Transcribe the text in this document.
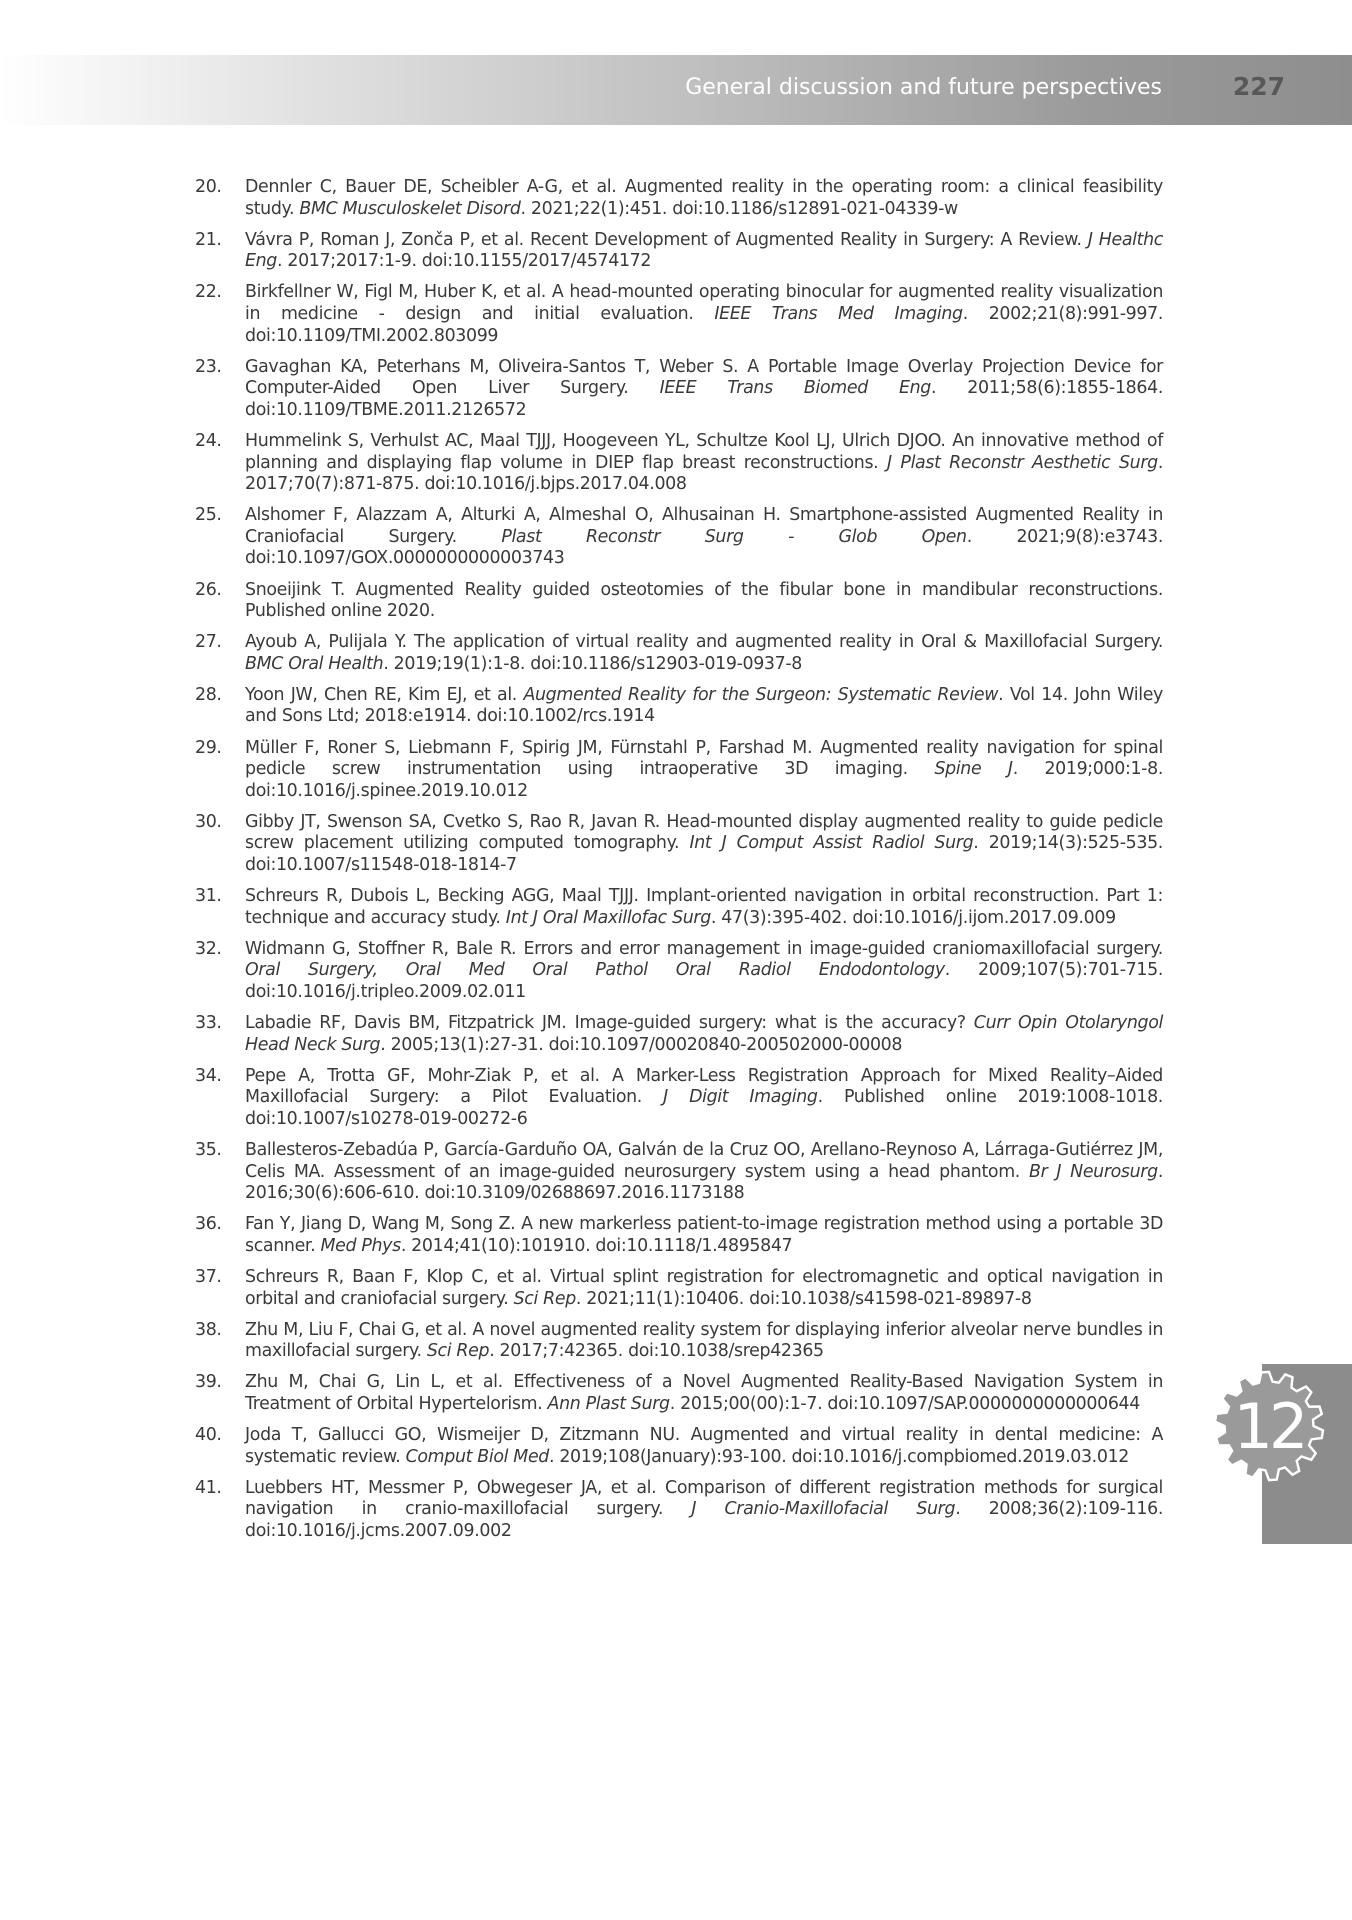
General discussion and future perspectives	227
20. Dennler C, Bauer DE, Scheibler A-G, et al. Augmented reality in the operating room: a clinical feasibility study. BMC Musculoskelet Disord. 2021;22(1):451. doi:10.1186/s12891-021-04339-w
21. Vávra P, Roman J, Zonča P, et al. Recent Development of Augmented Reality in Surgery: A Review. J Healthc Eng. 2017;2017:1-9. doi:10.1155/2017/4574172
22. Birkfellner W, Figl M, Huber K, et al. A head-mounted operating binocular for augmented reality visualization in medicine - design and initial evaluation. IEEE Trans Med Imaging. 2002;21(8):991-997. doi:10.1109/TMI.2002.803099
23. Gavaghan KA, Peterhans M, Oliveira-Santos T, Weber S. A Portable Image Overlay Projection Device for Computer-Aided Open Liver Surgery. IEEE Trans Biomed Eng. 2011;58(6):1855-1864. doi:10.1109/TBME.2011.2126572
24. Hummelink S, Verhulst AC, Maal TJJJ, Hoogeveen YL, Schultze Kool LJ, Ulrich DJOO. An innovative method of planning and displaying flap volume in DIEP flap breast reconstructions. J Plast Reconstr Aesthetic Surg. 2017;70(7):871-875. doi:10.1016/j.bjps.2017.04.008
25. Alshomer F, Alazzam A, Alturki A, Almeshal O, Alhusainan H. Smartphone-assisted Augmented Reality in Craniofacial Surgery. Plast Reconstr Surg - Glob Open. 2021;9(8):e3743. doi:10.1097/GOX.0000000000003743
26. Snoeijink T. Augmented Reality guided osteotomies of the fibular bone in mandibular reconstructions. Published online 2020.
27. Ayoub A, Pulijala Y. The application of virtual reality and augmented reality in Oral & Maxillofacial Surgery. BMC Oral Health. 2019;19(1):1-8. doi:10.1186/s12903-019-0937-8
28. Yoon JW, Chen RE, Kim EJ, et al. Augmented Reality for the Surgeon: Systematic Review. Vol 14. John Wiley and Sons Ltd; 2018:e1914. doi:10.1002/rcs.1914
29. Müller F, Roner S, Liebmann F, Spirig JM, Fürnstahl P, Farshad M. Augmented reality navigation for spinal pedicle screw instrumentation using intraoperative 3D imaging. Spine J. 2019;000:1-8. doi:10.1016/j.spinee.2019.10.012
30. Gibby JT, Swenson SA, Cvetko S, Rao R, Javan R. Head-mounted display augmented reality to guide pedicle screw placement utilizing computed tomography. Int J Comput Assist Radiol Surg. 2019;14(3):525-535. doi:10.1007/s11548-018-1814-7
31. Schreurs R, Dubois L, Becking AGG, Maal TJJJ. Implant-oriented navigation in orbital reconstruction. Part 1: technique and accuracy study. Int J Oral Maxillofac Surg. 47(3):395-402. doi:10.1016/j.ijom.2017.09.009
32. Widmann G, Stoffner R, Bale R. Errors and error management in image-guided craniomaxillofacial surgery. Oral Surgery, Oral Med Oral Pathol Oral Radiol Endodontology. 2009;107(5):701-715. doi:10.1016/j.tripleo.2009.02.011
33. Labadie RF, Davis BM, Fitzpatrick JM. Image-guided surgery: what is the accuracy? Curr Opin Otolaryngol Head Neck Surg. 2005;13(1):27-31. doi:10.1097/00020840-200502000-00008
34. Pepe A, Trotta GF, Mohr-Ziak P, et al. A Marker-Less Registration Approach for Mixed Reality–Aided Maxillofacial Surgery: a Pilot Evaluation. J Digit Imaging. Published online 2019:1008-1018. doi:10.1007/s10278-019-00272-6
35. Ballesteros-Zebadúa P, García-Garduño OA, Galván de la Cruz OO, Arellano-Reynoso A, Lárraga-Gutiérrez JM, Celis MA. Assessment of an image-guided neurosurgery system using a head phantom. Br J Neurosurg. 2016;30(6):606-610. doi:10.3109/02688697.2016.1173188
36. Fan Y, Jiang D, Wang M, Song Z. A new markerless patient-to-image registration method using a portable 3D scanner. Med Phys. 2014;41(10):101910. doi:10.1118/1.4895847
37. Schreurs R, Baan F, Klop C, et al. Virtual splint registration for electromagnetic and optical navigation in orbital and craniofacial surgery. Sci Rep. 2021;11(1):10406. doi:10.1038/s41598-021-89897-8
38. Zhu M, Liu F, Chai G, et al. A novel augmented reality system for displaying inferior alveolar nerve bundles in maxillofacial surgery. Sci Rep. 2017;7:42365. doi:10.1038/srep42365
39. Zhu M, Chai G, Lin L, et al. Effectiveness of a Novel Augmented Reality-Based Navigation System in Treatment of Orbital Hypertelorism. Ann Plast Surg. 2015;00(00):1-7. doi:10.1097/SAP.0000000000000644
40. Joda T, Gallucci GO, Wismeijer D, Zitzmann NU. Augmented and virtual reality in dental medicine: A systematic review. Comput Biol Med. 2019;108(January):93-100. doi:10.1016/j.compbiomed.2019.03.012
41. Luebbers HT, Messmer P, Obwegeser JA, et al. Comparison of different registration methods for surgical navigation in cranio-maxillofacial surgery. J Cranio-Maxillofacial Surg. 2008;36(2):109-116. doi:10.1016/j.jcms.2007.09.002
12
